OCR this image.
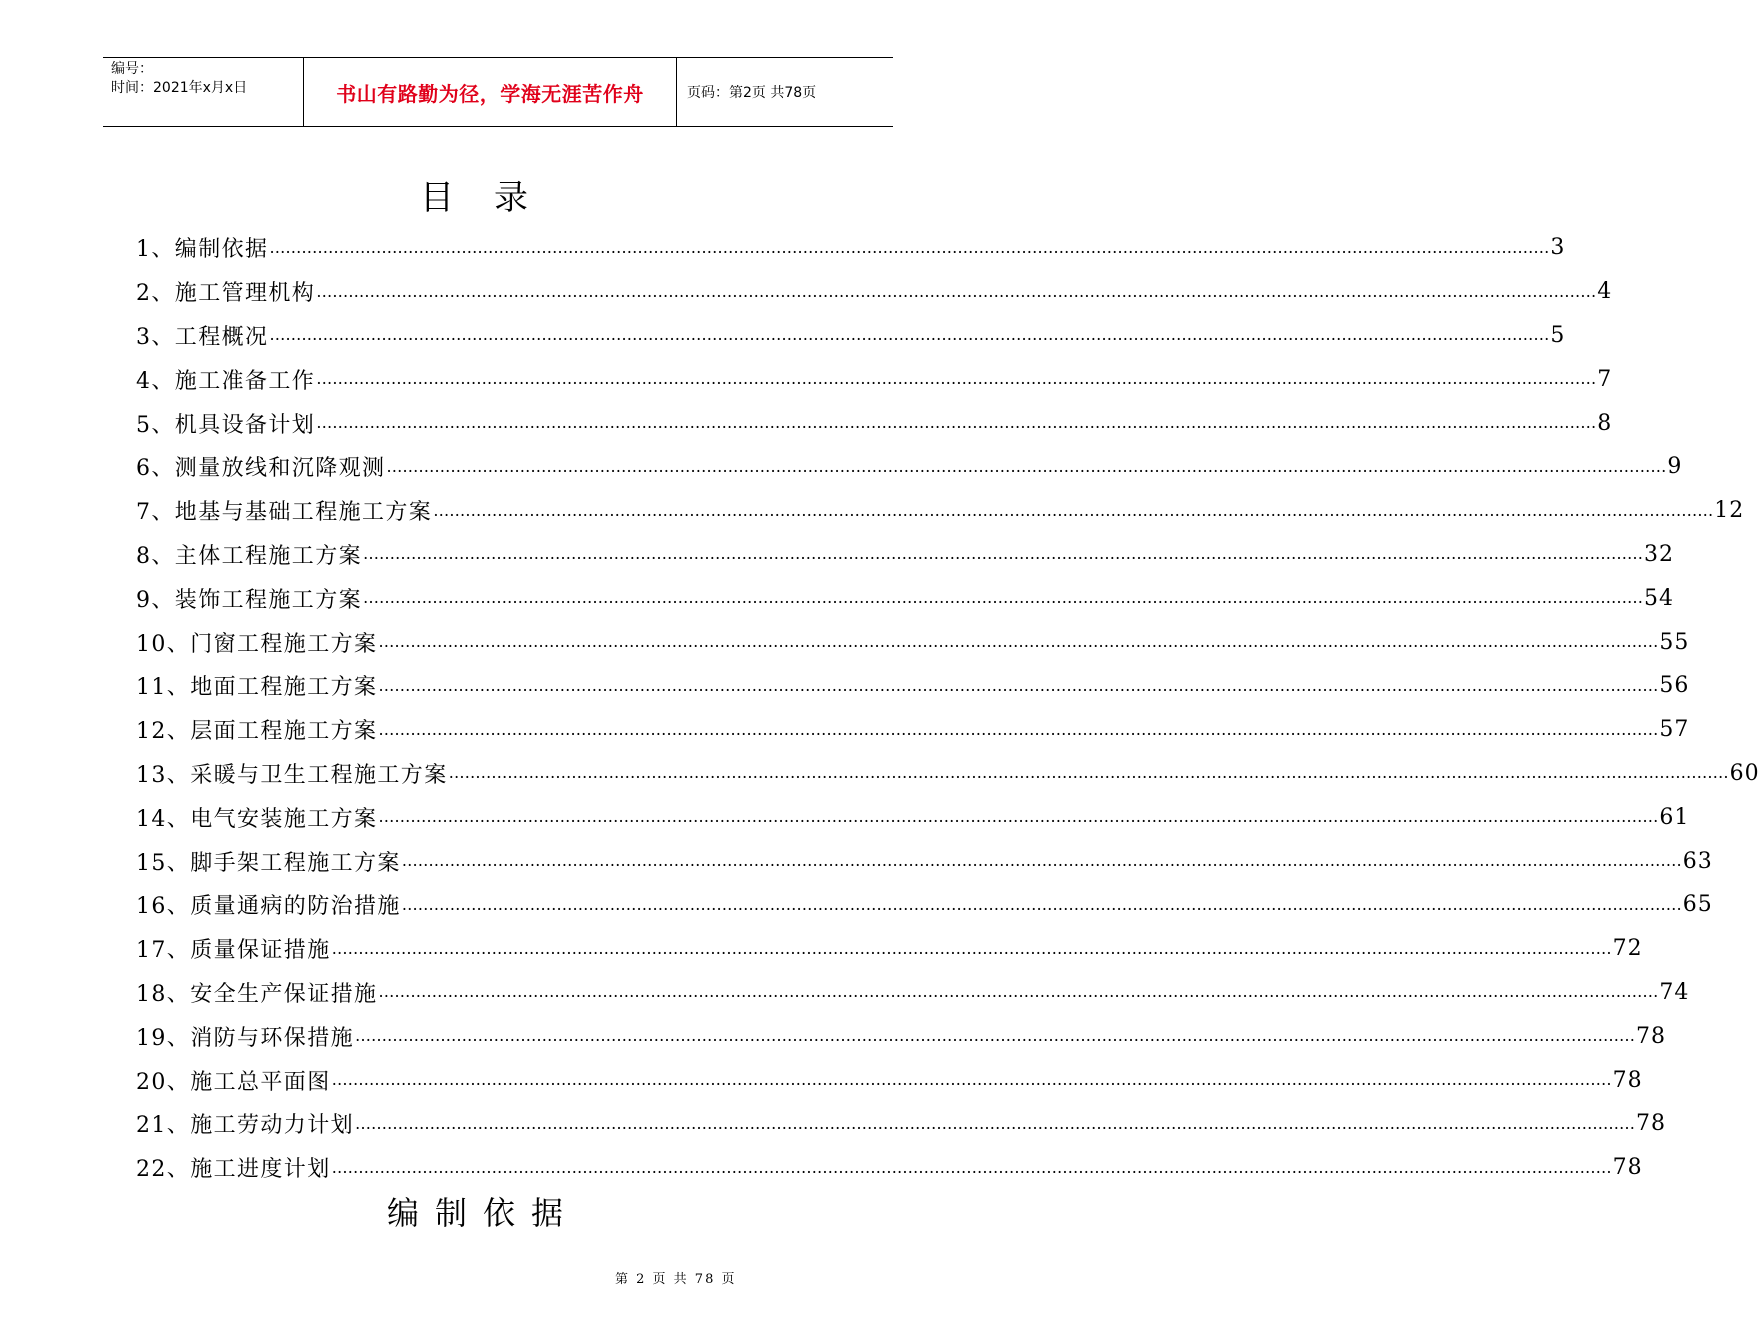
编号：
时间：2021年x月x日	书山有路勤为径，学海无涯苦作舟	页码：第2页 共78页
目录
1、编制依据 …………………………………………………………………………………………………………………………………………………………………………………………………………………… 3
2、施工管理机构 …………………………………………………………………………………………………………………………………………………………………………………………………………………… 4
3、工程概况 …………………………………………………………………………………………………………………………………………………………………………………………………………………… 5
4、施工准备工作 …………………………………………………………………………………………………………………………………………………………………………………………………………………… 7
5、机具设备计划 …………………………………………………………………………………………………………………………………………………………………………………………………………………… 8
6、测量放线和沉降观测 …………………………………………………………………………………………………………………………………………………………………………………………………………………… 9
7、地基与基础工程施工方案 …………………………………………………………………………………………………………………………………………………………………………………………………………………… 12
8、主体工程施工方案 …………………………………………………………………………………………………………………………………………………………………………………………………………………… 32
9、装饰工程施工方案 …………………………………………………………………………………………………………………………………………………………………………………………………………………… 54
10、门窗工程施工方案 …………………………………………………………………………………………………………………………………………………………………………………………………………………… 55
11、地面工程施工方案 …………………………………………………………………………………………………………………………………………………………………………………………………………………… 56
12、层面工程施工方案 …………………………………………………………………………………………………………………………………………………………………………………………………………………… 57
13、采暖与卫生工程施工方案 …………………………………………………………………………………………………………………………………………………………………………………………………………………… 60
14、电气安装施工方案 …………………………………………………………………………………………………………………………………………………………………………………………………………………… 61
15、脚手架工程施工方案 …………………………………………………………………………………………………………………………………………………………………………………………………………………… 63
16、质量通病的防治措施 …………………………………………………………………………………………………………………………………………………………………………………………………………………… 65
17、质量保证措施 …………………………………………………………………………………………………………………………………………………………………………………………………………………… 72
18、安全生产保证措施 …………………………………………………………………………………………………………………………………………………………………………………………………………………… 74
19、消防与环保措施 …………………………………………………………………………………………………………………………………………………………………………………………………………………… 78
20、施工总平面图 …………………………………………………………………………………………………………………………………………………………………………………………………………………… 78
21、施工劳动力计划 …………………………………………………………………………………………………………………………………………………………………………………………………………………… 78
22、施工进度计划 …………………………………………………………………………………………………………………………………………………………………………………………………………………… 78
编制依据
第 2 页 共 78 页
